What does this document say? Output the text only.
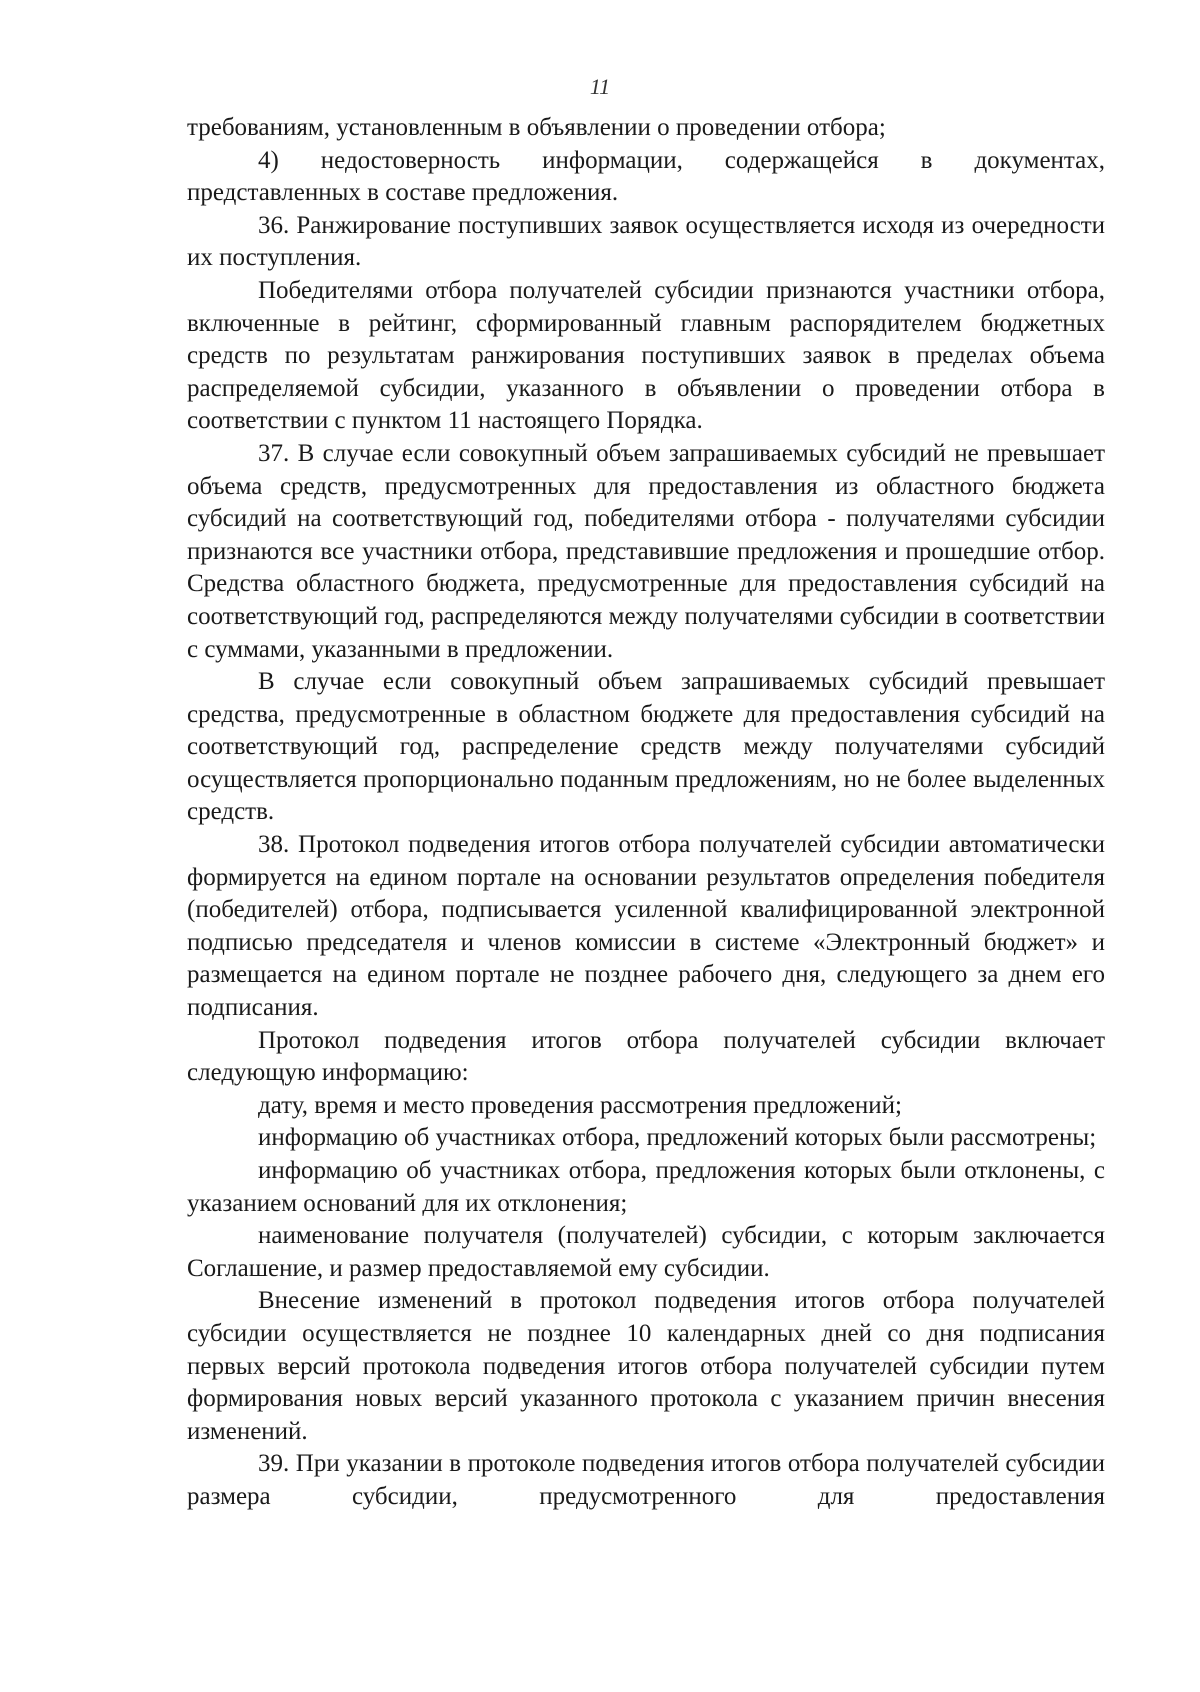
11

требованиям, установленным в объявлении о проведении отбора;

4) недостоверность информации, содержащейся в документах, представленных в составе предложения.

36. Ранжирование поступивших заявок осуществляется исходя из очередности их поступления.

Победителями отбора получателей субсидии признаются участники отбора, включенные в рейтинг, сформированный главным распорядителем бюджетных средств по результатам ранжирования поступивших заявок в пределах объема распределяемой субсидии, указанного в объявлении о проведении отбора в соответствии с пунктом 11 настоящего Порядка.

37. В случае если совокупный объем запрашиваемых субсидий не превышает объема средств, предусмотренных для предоставления из областного бюджета субсидий на соответствующий год, победителями отбора - получателями субсидии признаются все участники отбора, представившие предложения и прошедшие отбор. Средства областного бюджета, предусмотренные для предоставления субсидий на соответствующий год, распределяются между получателями субсидии в соответствии с суммами, указанными в предложении.

В случае если совокупный объем запрашиваемых субсидий превышает средства, предусмотренные в областном бюджете для предоставления субсидий на соответствующий год, распределение средств между получателями субсидий осуществляется пропорционально поданным предложениям, но не более выделенных средств.

38. Протокол подведения итогов отбора получателей субсидии автоматически формируется на едином портале на основании результатов определения победителя (победителей) отбора, подписывается усиленной квалифицированной электронной подписью председателя и членов комиссии в системе «Электронный бюджет» и размещается на едином портале не позднее рабочего дня, следующего за днем его подписания.

Протокол подведения итогов отбора получателей субсидии включает следующую информацию:

дату, время и место проведения рассмотрения предложений;

информацию об участниках отбора, предложений которых были рассмотрены;

информацию об участниках отбора, предложения которых были отклонены, с указанием оснований для их отклонения;

наименование получателя (получателей) субсидии, с которым заключается Соглашение, и размер предоставляемой ему субсидии.

Внесение изменений в протокол подведения итогов отбора получателей субсидии осуществляется не позднее 10 календарных дней со дня подписания первых версий протокола подведения итогов отбора получателей субсидии путем формирования новых версий указанного протокола с указанием причин внесения изменений.

39. При указании в протоколе подведения итогов отбора получателей субсидии размера субсидии, предусмотренного для предоставления
